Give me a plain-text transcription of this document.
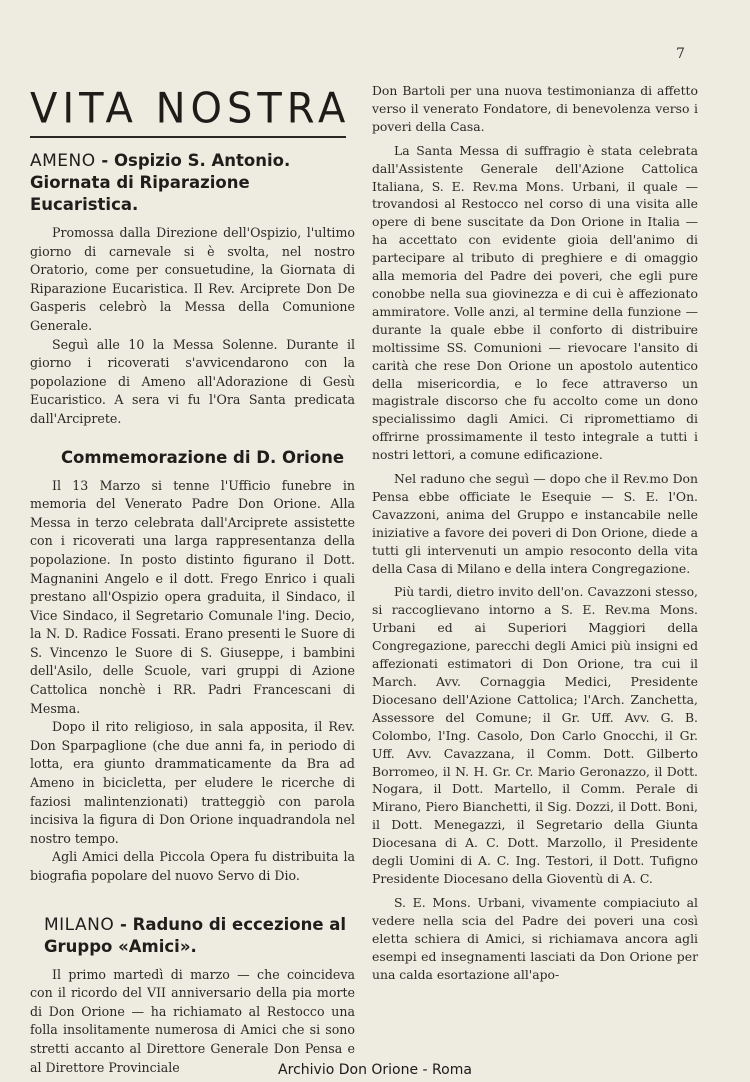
7
VITA NOSTRA
AMENO - Ospizio S. Antonio. Giornata di Riparazione Eucaristica.

Promossa dalla Direzione dell'Ospizio, l'ultimo giorno di carnevale si è svolta, nel nostro Oratorio, come per consuetudine, la Giornata di Riparazione Eucaristica. Il Rev. Arciprete Don De Gasperis celebrò la Messa della Comunione Generale.

Seguì alle 10 la Messa Solenne. Durante il giorno i ricoverati s'avvicendarono con la popolazione di Ameno all'Adorazione di Gesù Eucaristico. A sera vi fu l'Ora Santa predicata dall'Arciprete.

Commemorazione di D. Orione

Il 13 Marzo si tenne l'Ufficio funebre in memoria del Venerato Padre Don Orione. Alla Messa in terzo celebrata dall'Arciprete assistette con i ricoverati una larga rappresentanza della popolazione. In posto distinto figurano il Dott. Magnanini Angelo e il dott. Frego Enrico i quali prestano all'Ospizio opera graduita, il Sindaco, il Vice Sindaco, il Segretario Comunale l'ing. Decio, la N. D. Radice Fossati. Erano presenti le Suore di S. Vincenzo le Suore di S. Giuseppe, i bambini dell'Asilo, delle Scuole, vari gruppi di Azione Cattolica nonchè i RR. Padri Francescani di Mesma.

Dopo il rito religioso, in sala apposita, il Rev. Don Sparpaglione (che due anni fa, in periodo di lotta, era giunto drammaticamente da Bra ad Ameno in bicicletta, per eludere le ricerche di faziosi malintenzionati) tratteggiò con parola incisiva la figura di Don Orione inquadrandola nel nostro tempo.

Agli Amici della Piccola Opera fu distribuita la biografia popolare del nuovo Servo di Dio.

MILANO - Raduno di eccezione al Gruppo «Amici».

Il primo martedì di marzo — che coincideva con il ricordo del VII anniversario della pia morte di Don Orione — ha richiamato al Restocco una folla insolitamente numerosa di Amici che si sono stretti accanto al Direttore Generale Don Pensa e al Direttore Provinciale

Don Bartoli per una nuova testimonianza di affetto verso il venerato Fondatore, di benevolenza verso i poveri della Casa.

La Santa Messa di suffragio è stata celebrata dall'Assistente Generale dell'Azione Cattolica Italiana, S. E. Rev.ma Mons. Urbani, il quale — trovandosi al Restocco nel corso di una visita alle opere di bene suscitate da Don Orione in Italia — ha accettato con evidente gioia dell'animo di partecipare al tributo di preghiere e di omaggio alla memoria del Padre dei poveri, che egli pure conobbe nella sua giovinezza e di cui è affezionato ammiratore. Volle anzi, al termine della funzione — durante la quale ebbe il conforto di distribuire moltissime SS. Comunioni — rievocare l'ansito di carità che rese Don Orione un apostolo autentico della misericordia, e lo fece attraverso un magistrale discorso che fu accolto come un dono specialissimo dagli Amici. Ci ripromettiamo di offrirne prossimamente il testo integrale a tutti i nostri lettori, a comune edificazione.

Nel raduno che seguì — dopo che il Rev.mo Don Pensa ebbe officiate le Esequie — S. E. l'On. Cavazzoni, anima del Gruppo e instancabile nelle iniziative a favore dei poveri di Don Orione, diede a tutti gli intervenuti un ampio resoconto della vita della Casa di Milano e della intera Congregazione.

Più tardi, dietro invito dell'on. Cavazzoni stesso, si raccoglievano intorno a S. E. Rev.ma Mons. Urbani ed ai Superiori Maggiori della Congregazione, parecchi degli Amici più insigni ed affezionati estimatori di Don Orione, tra cui il March. Avv. Cornaggia Medici, Presidente Diocesano dell'Azione Cattolica; l'Arch. Zanchetta, Assessore del Comune; il Gr. Uff. Avv. G. B. Colombo, l'Ing. Casolo, Don Carlo Gnocchi, il Gr. Uff. Avv. Cavazzana, il Comm. Dott. Gilberto Borromeo, il N. H. Gr. Cr. Mario Geronazzo, il Dott. Nogara, il Dott. Martello, il Comm. Perale di Mirano, Piero Bianchetti, il Sig. Dozzi, il Dott. Boni, il Dott. Menegazzi, il Segretario della Giunta Diocesana di A. C. Dott. Marzollo, il Presidente degli Uomini di A. C. Ing. Testori, il Dott. Tufigno Presidente Diocesano della Gioventù di A. C.

S. E. Mons. Urbani, vivamente compiaciuto al vedere nella scia del Padre dei poveri una così eletta schiera di Amici, si richiamava ancora agli esempi ed insegnamenti lasciati da Don Orione per una calda esortazione all'apo-

Archivio Don Orione - Roma
